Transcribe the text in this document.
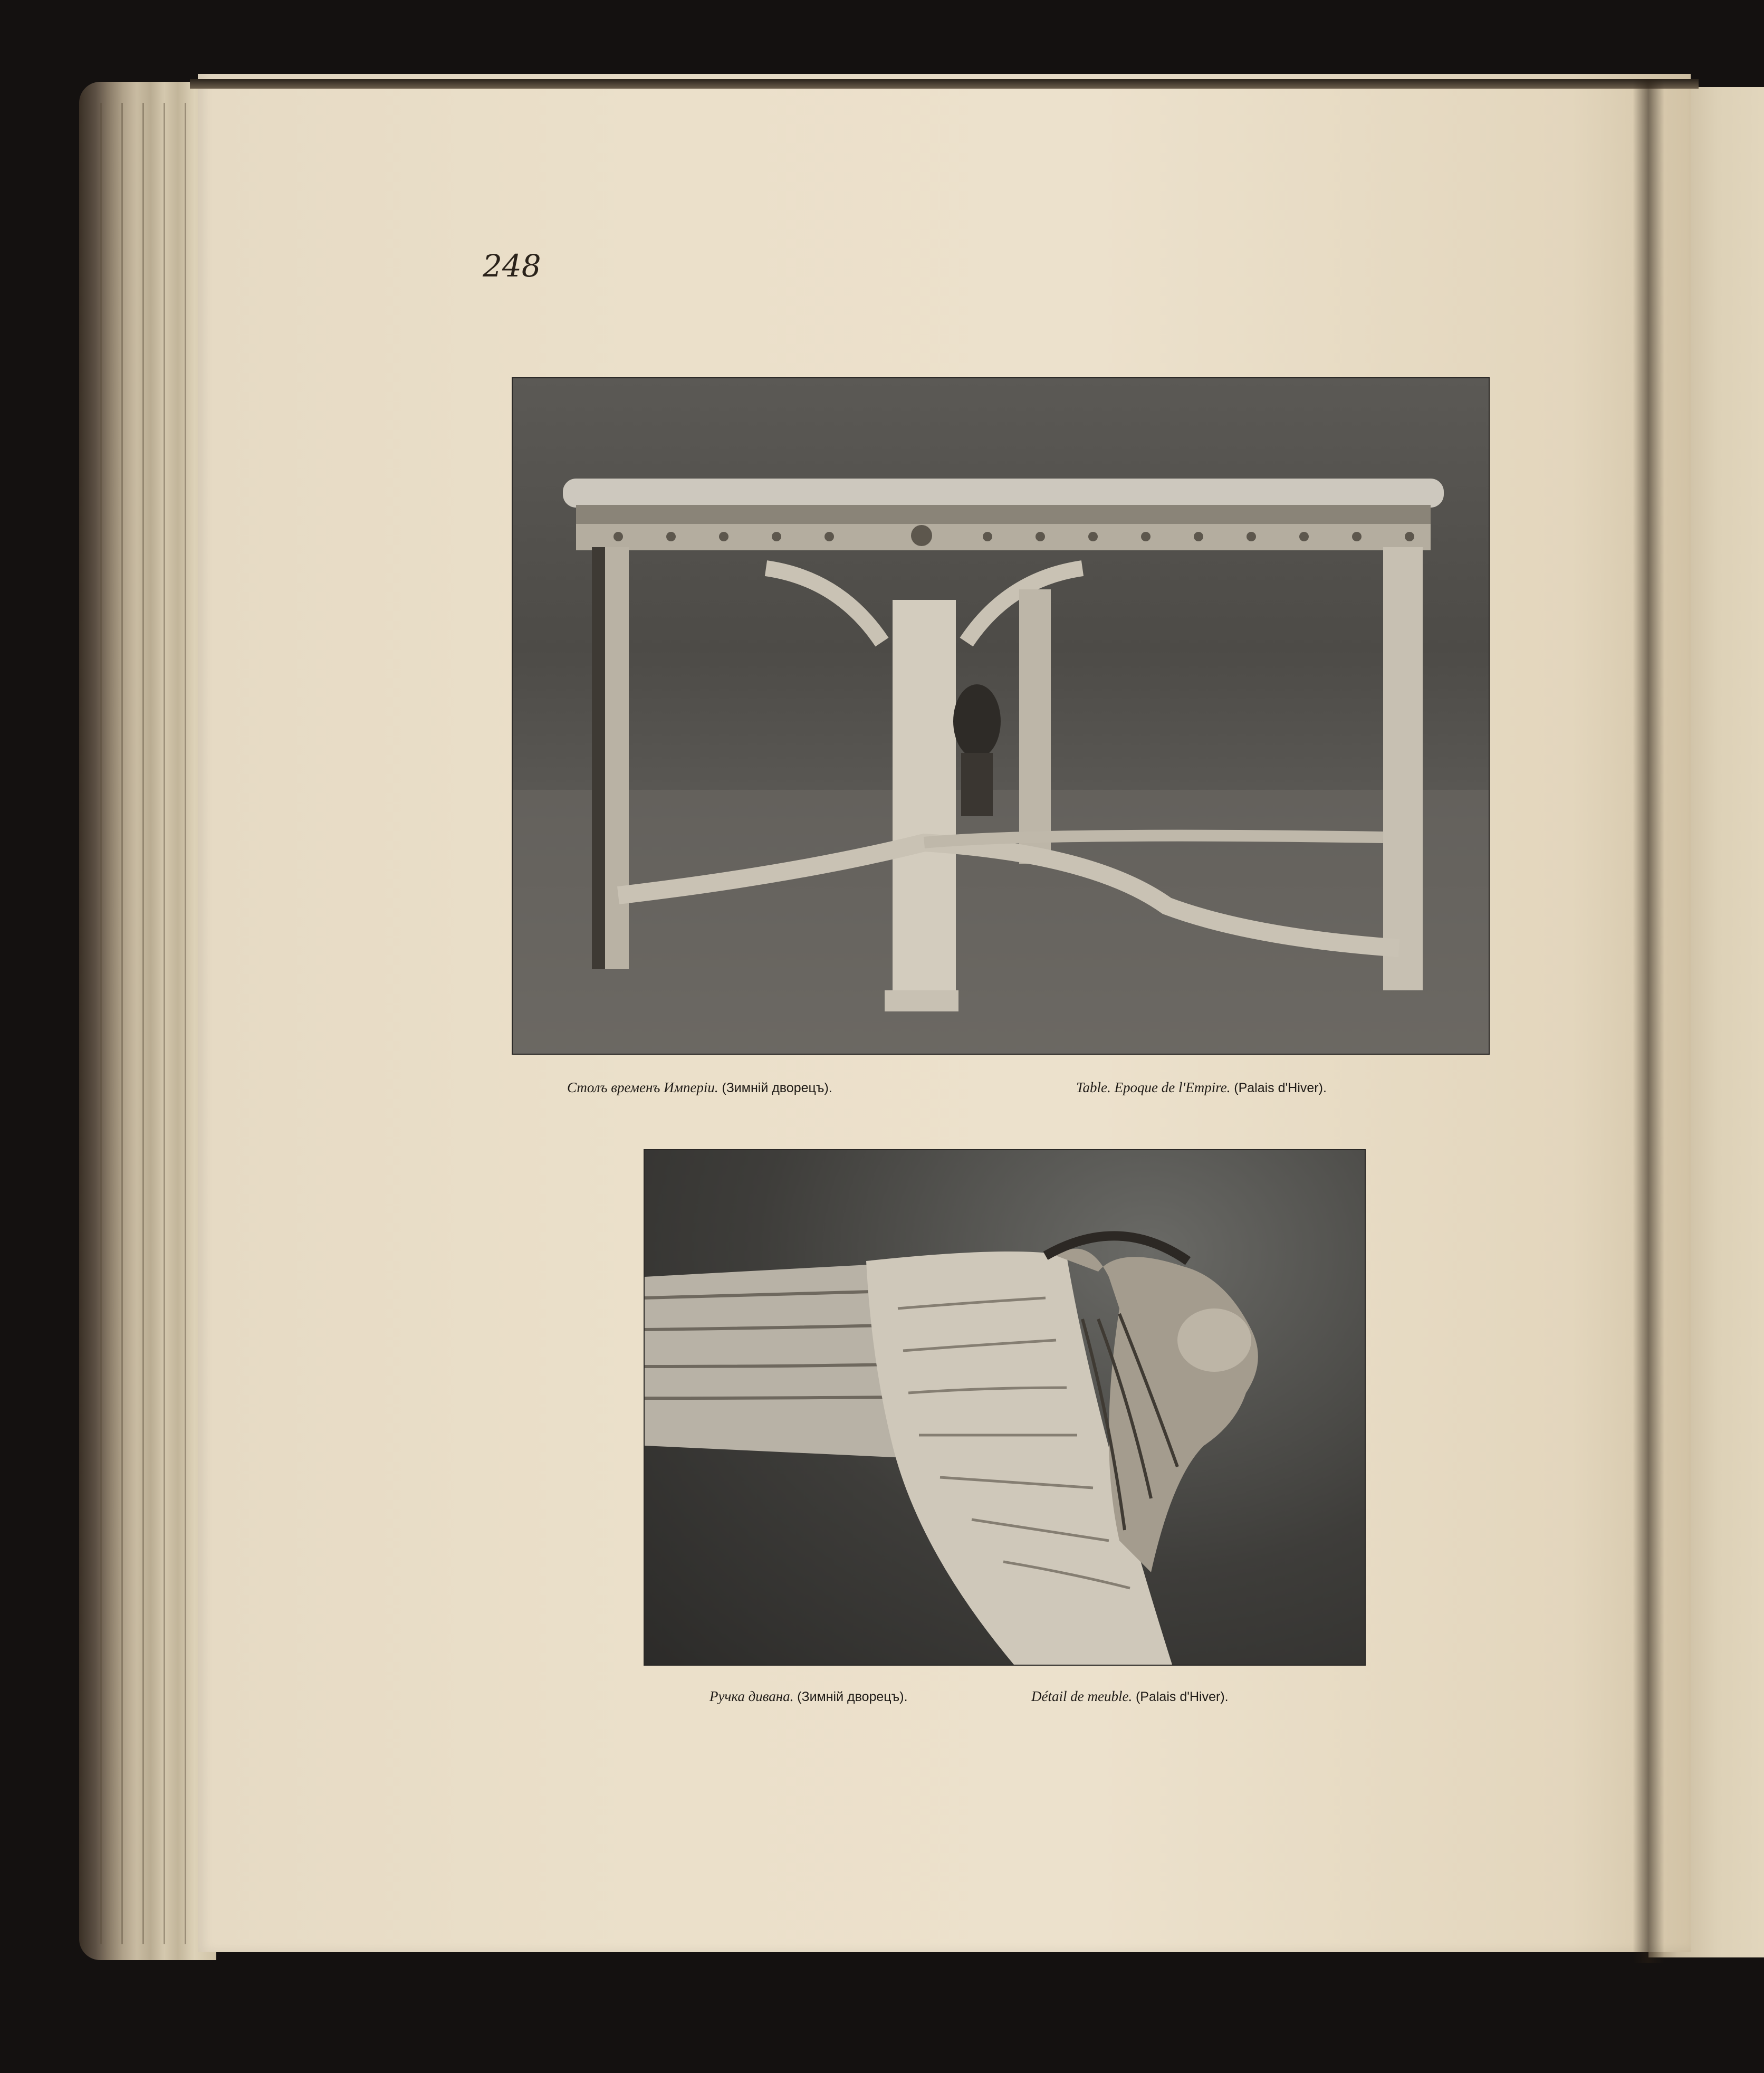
248
Столъ временъ Имперіи. (Зимній дворецъ).	Table. Epoque de l'Empire. (Palais d'Hiver).
Ручка дивана. (Зимній дворецъ).	Détail de meuble. (Palais d'Hiver).
